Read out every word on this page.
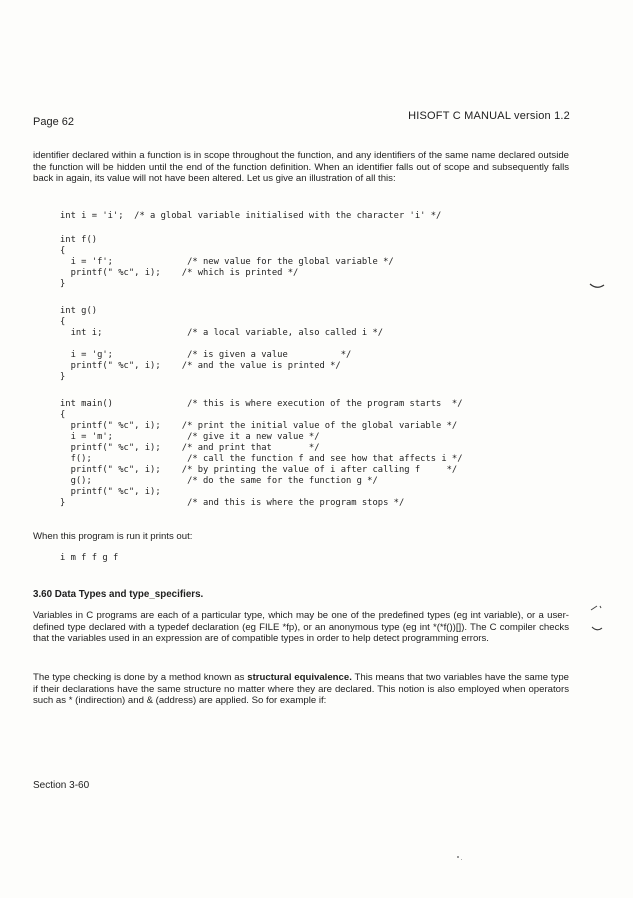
Page 62	HISOFT C MANUAL version 1.2

identifier declared within a function is in scope throughout the function, and any identifiers of the same name declared outside the function will be hidden until the end of the function definition. When an identifier falls out of scope and subsequently falls back in again, its value will not have been altered. Let us give an illustration of all this:

int i = 'i';  /* a global variable initialised with the character 'i' */
int f()
{
i = 'f';              /* new value for the global variable */
printf(" %c", i);    /* which is printed */
}
int g()
{
int i;                /* a local variable, also called i */

i = 'g';              /* is given a value          */
printf(" %c", i);    /* and the value is printed */
}
int main()              /* this is where execution of the program starts  */
{
printf(" %c", i);    /* print the initial value of the global variable */
i = 'm';              /* give it a new value */
printf(" %c", i);    /* and print that       */
f();                  /* call the function f and see how that affects i */
printf(" %c", i);    /* by printing the value of i after calling f     */
g();                  /* do the same for the function g */
printf(" %c", i);
}                       /* and this is where the program stops */

When this program is run it prints out:

i m f f g f
3.60 Data Types and type_specifiers.

Variables in C programs are each of a particular type, which may be one of the predefined types (eg int variable), or a user-defined type declared with a typedef declaration (eg FILE *fp), or an anonymous type (eg int *(*f())[]). The C compiler checks that the variables used in an expression are of compatible types in order to help detect programming errors.

The type checking is done by a method known as structural equivalence. This means that two variables have the same type if their declarations have the same structure no matter where they are declared. This notion is also employed when operators such as * (indirection) and & (address) are applied. So for example if:

Section 3-60
